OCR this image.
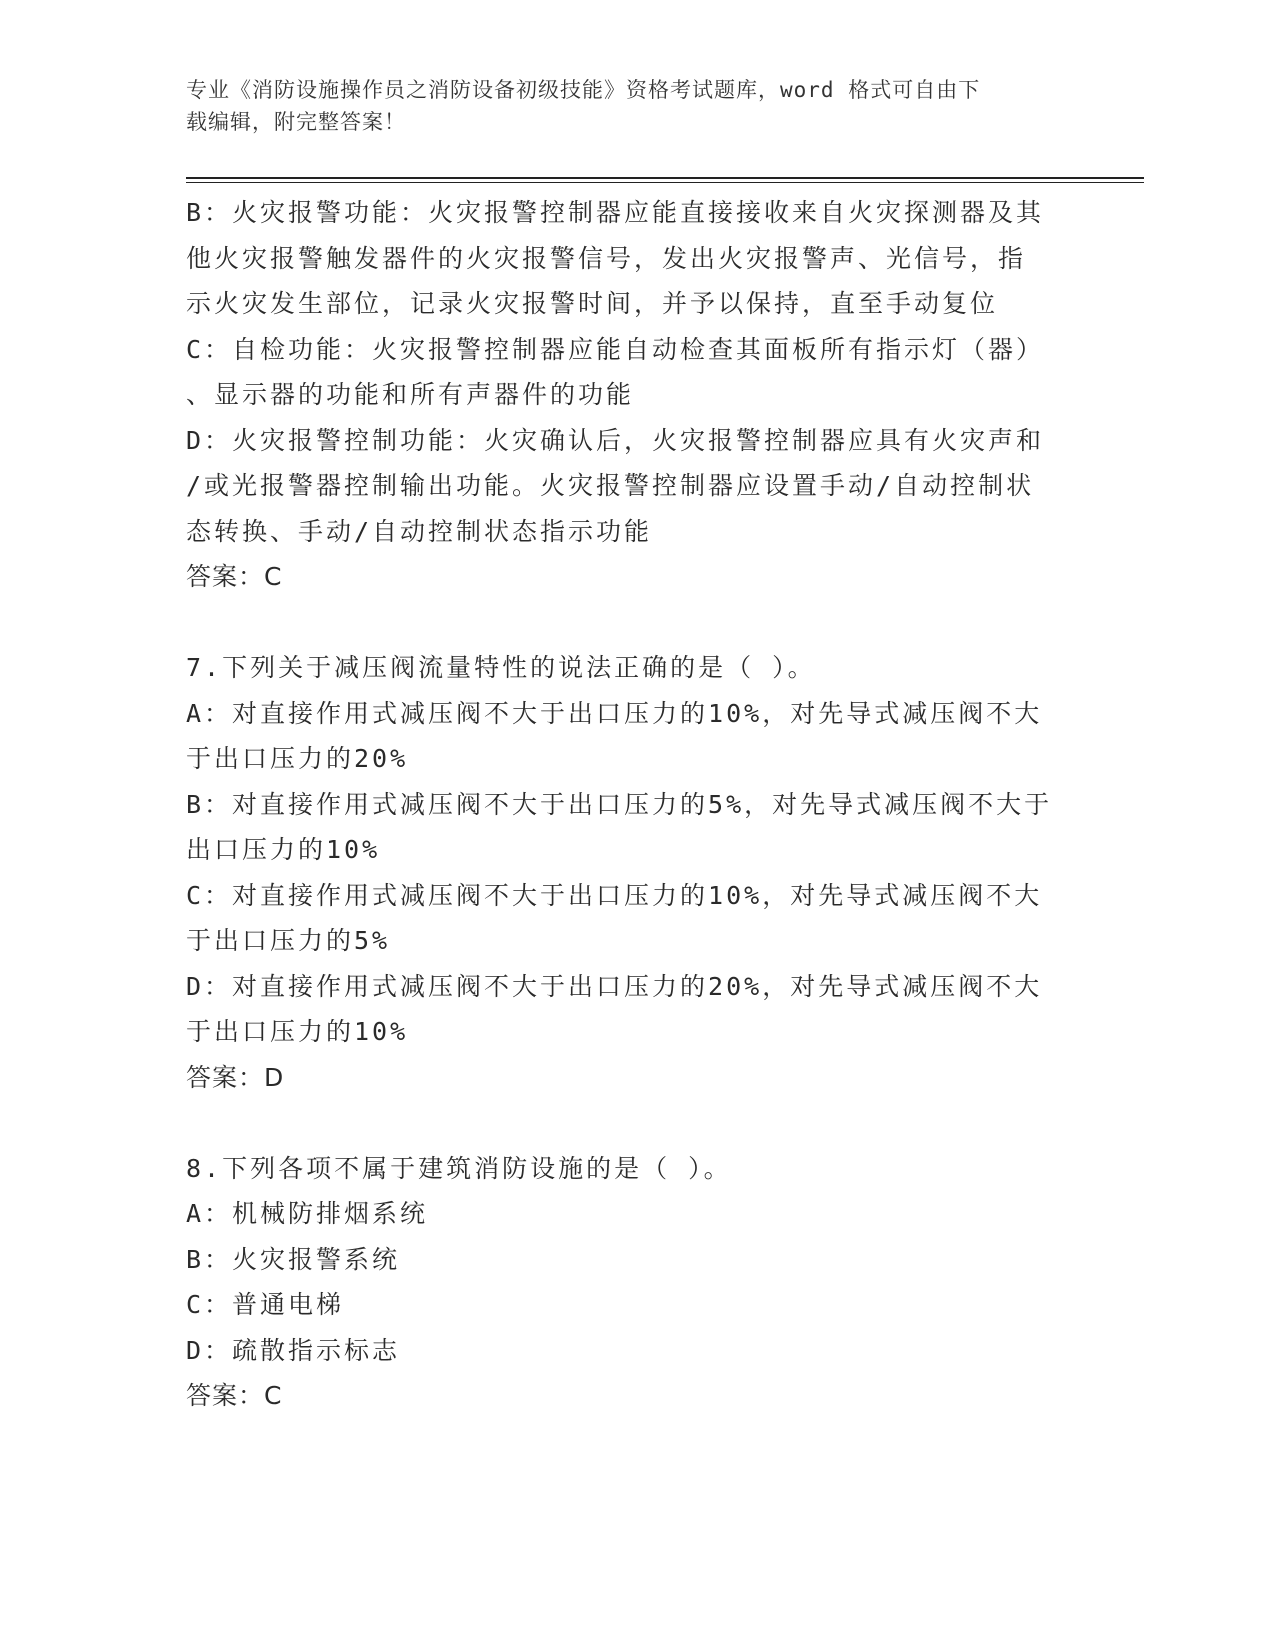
专业《消防设施操作员之消防设备初级技能》资格考试题库，word 格式可自由下
载编辑，附完整答案！
B：火灾报警功能：火灾报警控制器应能直接接收来自火灾探测器及其
他火灾报警触发器件的火灾报警信号，发出火灾报警声、光信号，指
示火灾发生部位，记录火灾报警时间，并予以保持，直至手动复位
C：自检功能：火灾报警控制器应能自动检查其面板所有指示灯（器）
、显示器的功能和所有声器件的功能
D：火灾报警控制功能：火灾确认后，火灾报警控制器应具有火灾声和
/或光报警器控制输出功能。火灾报警控制器应设置手动/自动控制状
态转换、手动/自动控制状态指示功能
答案：C
7.下列关于减压阀流量特性的说法正确的是（ ）。
A：对直接作用式减压阀不大于出口压力的10%，对先导式减压阀不大
于出口压力的20%
B：对直接作用式减压阀不大于出口压力的5%，对先导式减压阀不大于
出口压力的10%
C：对直接作用式减压阀不大于出口压力的10%，对先导式减压阀不大
于出口压力的5%
D：对直接作用式减压阀不大于出口压力的20%，对先导式减压阀不大
于出口压力的10%
答案：D
8.下列各项不属于建筑消防设施的是（ ）。
A：机械防排烟系统
B：火灾报警系统
C：普通电梯
D：疏散指示标志
答案：C
